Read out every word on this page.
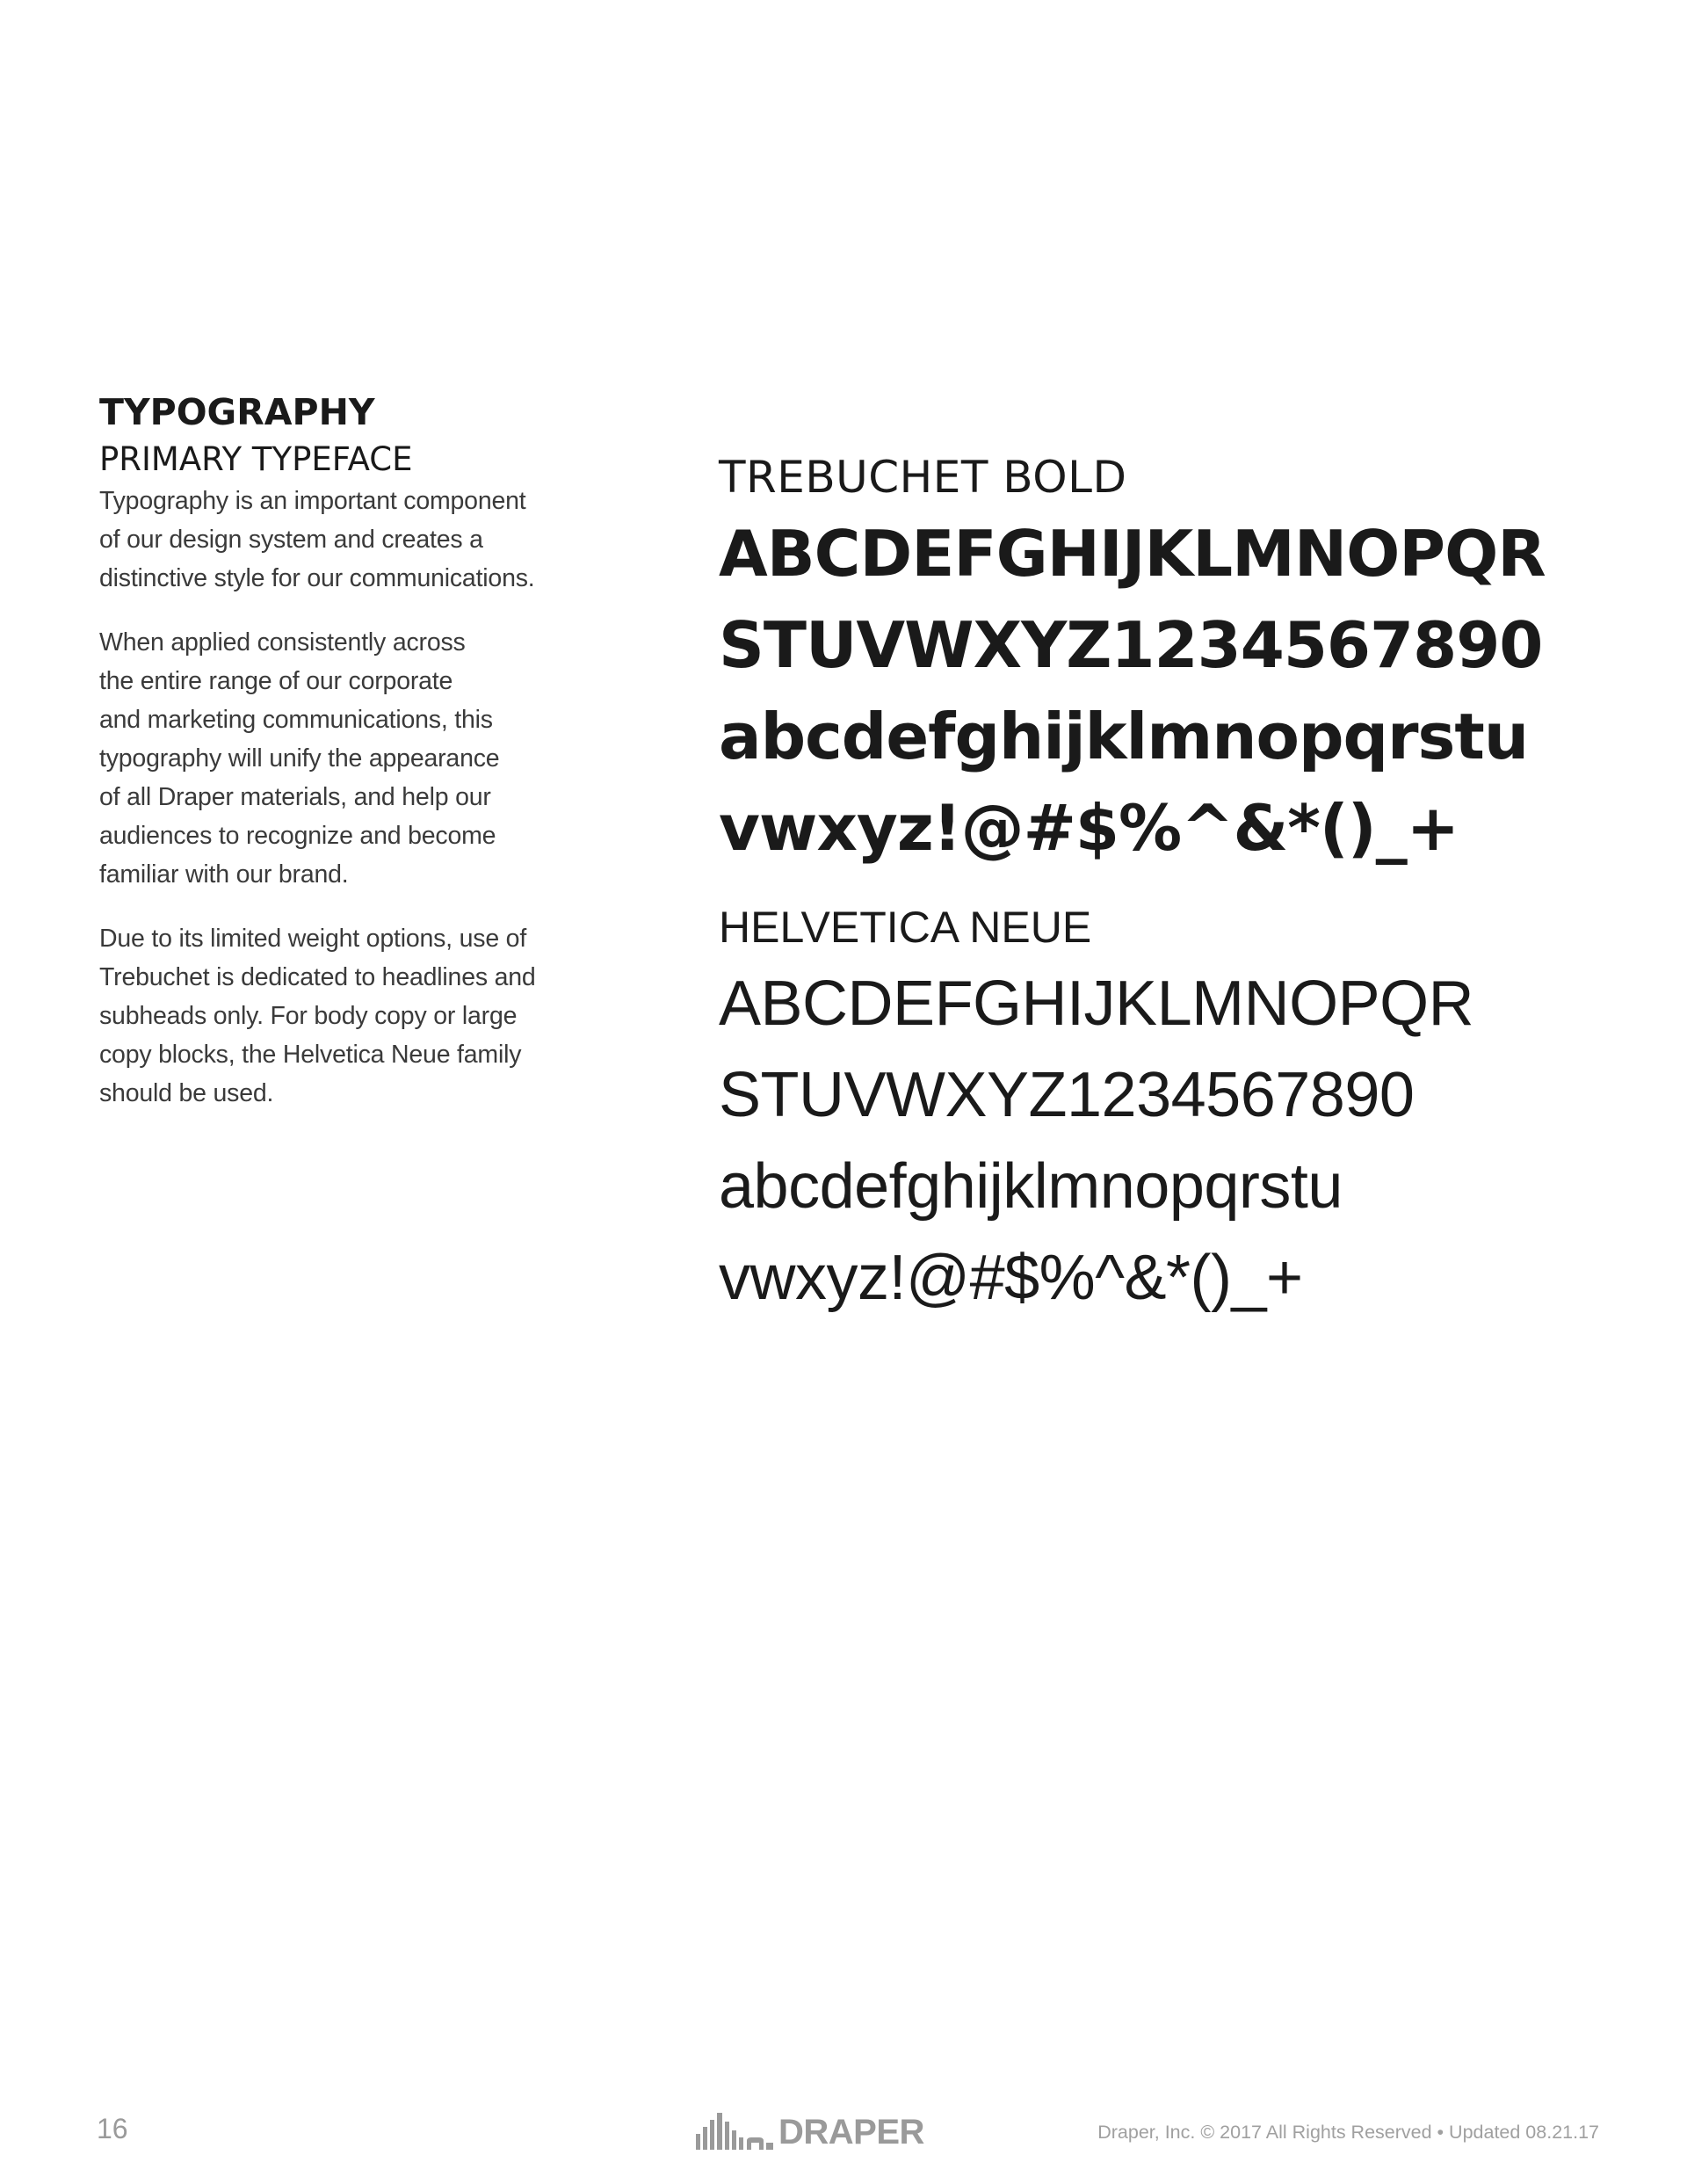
TYPOGRAPHY
PRIMARY TYPEFACE

Typography is an important component
of our design system and creates a
distinctive style for our communications.

When applied consistently across
the entire range of our corporate
and marketing communications, this
typography will unify the appearance
of all Draper materials, and help our
audiences to recognize and become
familiar with our brand.

Due to its limited weight options, use of
Trebuchet is dedicated to headlines and
subheads only. For body copy or large
copy blocks, the Helvetica Neue family
should be used.

TREBUCHET BOLD
ABCDEFGHIJKLMNOPQR
STUVWXYZ1234567890
abcdefghijklmnopqrstu
vwxyz!@#$%^&*()_+
HELVETICA NEUE
ABCDEFGHIJKLMNOPQR
STUVWXYZ1234567890
abcdefghijklmnopqrstu
vwxyz!@#$%^&*()_+
16	DRAPER	Draper, Inc. © 2017 All Rights Reserved • Updated 08.21.17
